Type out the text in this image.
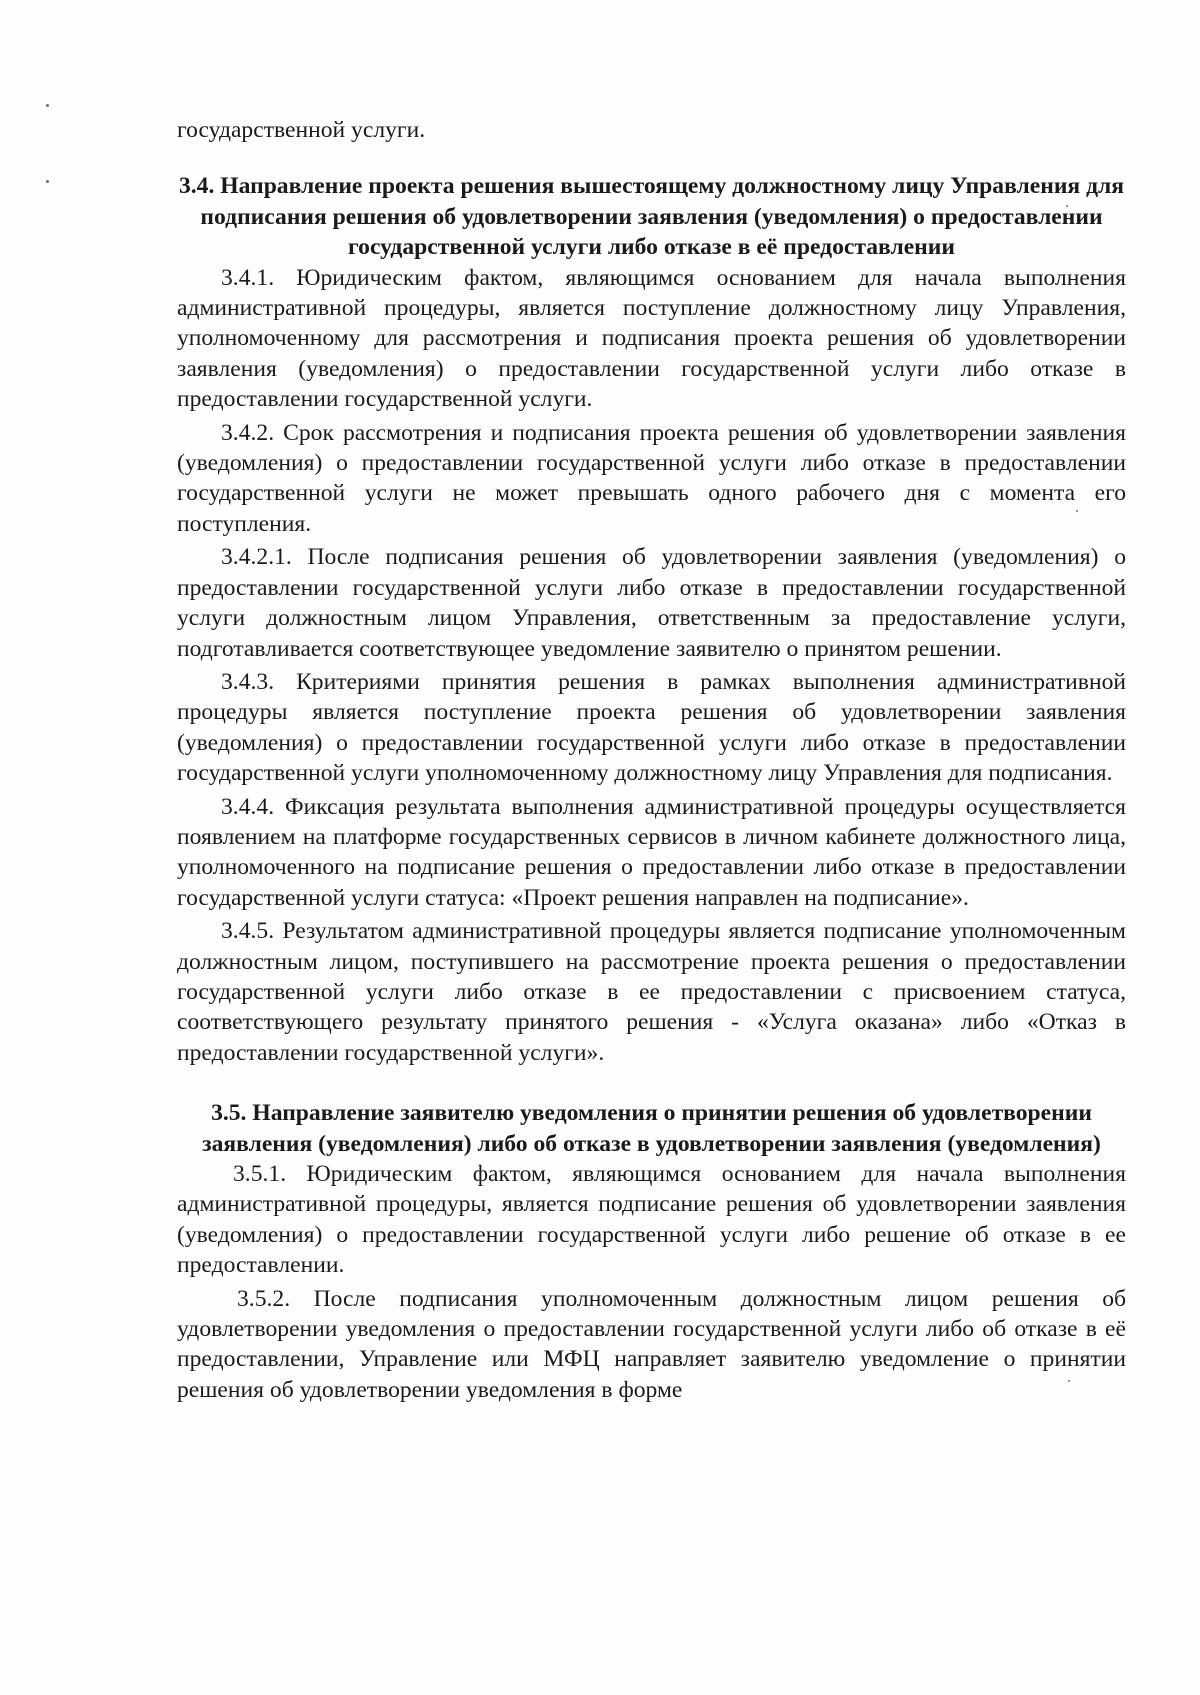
государственной услуги.

3.4. Направление проекта решения вышестоящему должностному лицу Управления для подписания решения об удовлетворении заявления (уведомления) о предоставлении государственной услуги либо отказе в её предоставлении

3.4.1. Юридическим фактом, являющимся основанием для начала выполнения административной процедуры, является поступление должностному лицу Управления, уполномоченному для рассмотрения и подписания проекта решения об удовлетворении заявления (уведомления) о предоставлении государственной услуги либо отказе в предоставлении государственной услуги.

3.4.2. Срок рассмотрения и подписания проекта решения об удовлетворении заявления (уведомления) о предоставлении государственной услуги либо отказе в предоставлении государственной услуги не может превышать одного рабочего дня с момента его поступления.

3.4.2.1. После подписания решения об удовлетворении заявления (уведомления) о предоставлении государственной услуги либо отказе в предоставлении государственной услуги должностным лицом Управления, ответственным за предоставление услуги, подготавливается соответствующее уведомление заявителю о принятом решении.

3.4.3. Критериями принятия решения в рамках выполнения административной процедуры является поступление проекта решения об удовлетворении заявления (уведомления) о предоставлении государственной услуги либо отказе в предоставлении государственной услуги уполномоченному должностному лицу Управления для подписания.

3.4.4. Фиксация результата выполнения административной процедуры осуществляется появлением на платформе государственных сервисов в личном кабинете должностного лица, уполномоченного на подписание решения о предоставлении либо отказе в предоставлении государственной услуги статуса: «Проект решения направлен на подписание».

3.4.5. Результатом административной процедуры является подписание уполномоченным должностным лицом, поступившего на рассмотрение проекта решения о предоставлении государственной услуги либо отказе в ее предоставлении с присвоением статуса, соответствующего результату принятого решения - «Услуга оказана» либо «Отказ в предоставлении государственной услуги».

3.5. Направление заявителю уведомления о принятии решения об удовлетворении заявления (уведомления) либо об отказе в удовлетворении заявления (уведомления)

3.5.1. Юридическим фактом, являющимся основанием для начала выполнения административной процедуры, является подписание решения об удовлетворении заявления (уведомления) о предоставлении государственной услуги либо решение об отказе в ее предоставлении.

3.5.2. После подписания уполномоченным должностным лицом решения об удовлетворении уведомления о предоставлении государственной услуги либо об отказе в её предоставлении, Управление или МФЦ направляет заявителю уведомление о принятии решения об удовлетворении уведомления в форме
